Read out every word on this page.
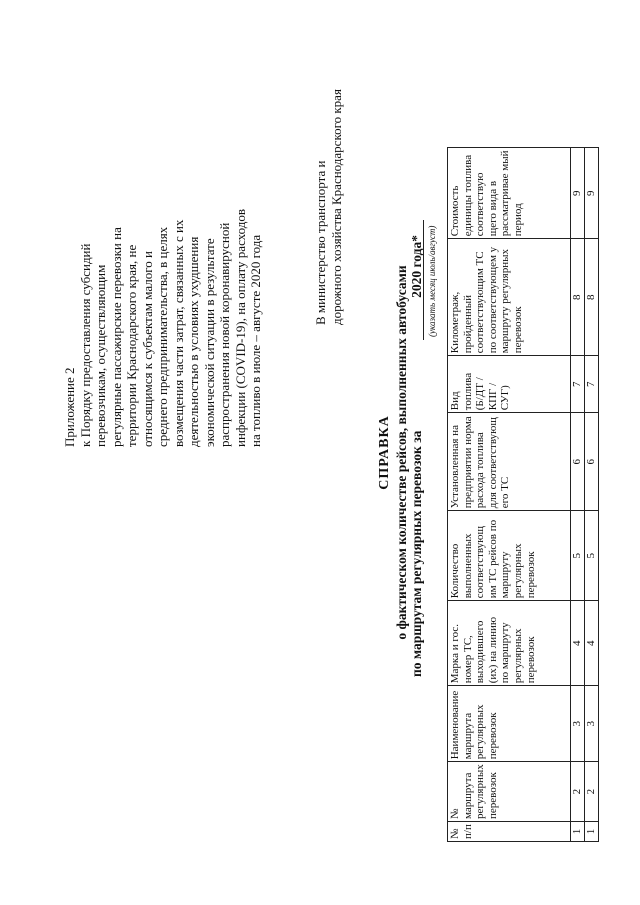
Приложение 2 к Порядку предоставления субсидий перевозчикам, осуществляющим регулярные пассажирские перевозки на территории Краснодарского края, не относящимся к субъектам малого и среднего предпринимательства, в целях возмещения части затрат, связанных с их деятельностью в условиях ухудшения экономической ситуации в результате распространения новой коронавирусной инфекции (COVID-19), на оплату расходов на топливо в июле – августе 2020 года	В министерство транспорта и дорожного хозяйства Краснодарского края
СПРАВКА о фактическом количестве рейсов, выполненных автобусами по маршрутам регулярных перевозок за  2020 года* (указать месяц июль/август)
№ п/п	№ маршрута регулярных перевозок	Наименование маршрута регулярных перевозок	Марка и гос. номер ТС, выходившего (их) на линию по маршруту регулярных перевозок	Количество выполненных соответствующ им ТС рейсов по маршруту регулярных перевозок	Установленная на предприятии норма расхода топлива для соответствующ его ТС	Вид топлива (Б/ДТ /КПГ /СУГ)	Километраж, пройденный соответствующим ТС по соответствующем у маршруту регулярных перевозок	Стоимость единицы топлива соответствую щего вида в рассматривае мый период
1	2	3	4	5	6	7	8	9
1	2	3	4	5	6	7	8	9
